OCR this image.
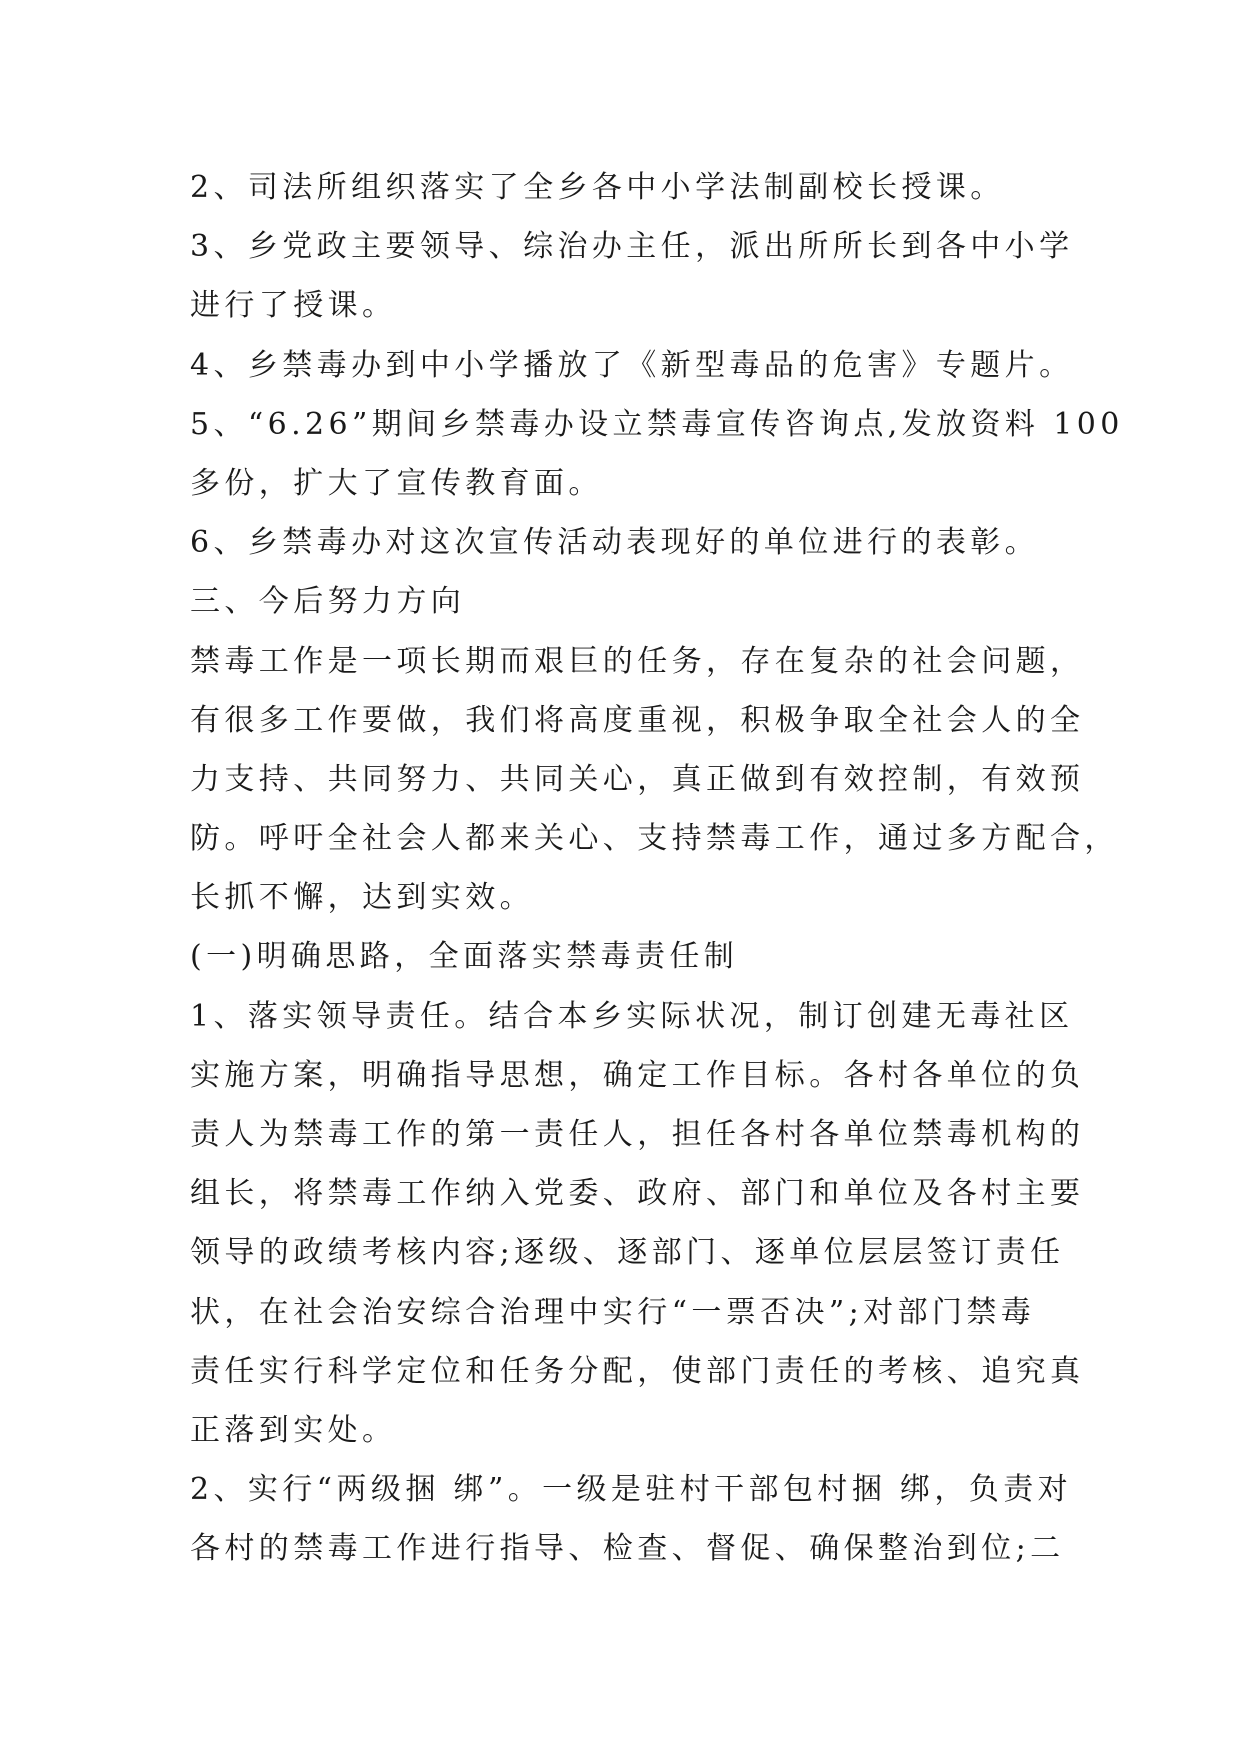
2、司法所组织落实了全乡各中小学法制副校长授课。
3、乡党政主要领导、综治办主任，派出所所长到各中小学
进行了授课。
4、乡禁毒办到中小学播放了《新型毒品的危害》专题片。
5、“6.26”期间乡禁毒办设立禁毒宣传咨询点,发放资料 100
多份，扩大了宣传教育面。
6、乡禁毒办对这次宣传活动表现好的单位进行的表彰。
三、今后努力方向
禁毒工作是一项长期而艰巨的任务，存在复杂的社会问题，
有很多工作要做，我们将高度重视，积极争取全社会人的全
力支持、共同努力、共同关心，真正做到有效控制，有效预
防。呼吁全社会人都来关心、支持禁毒工作，通过多方配合，
长抓不懈，达到实效。
(一)明确思路，全面落实禁毒责任制
1、落实领导责任。结合本乡实际状况，制订创建无毒社区
实施方案，明确指导思想，确定工作目标。各村各单位的负
责人为禁毒工作的第一责任人，担任各村各单位禁毒机构的
组长，将禁毒工作纳入党委、政府、部门和单位及各村主要
领导的政绩考核内容;逐级、逐部门、逐单位层层签订责任
状，在社会治安综合治理中实行“一票否决”;对部门禁毒
责任实行科学定位和任务分配，使部门责任的考核、追究真
正落到实处。
2、实行“两级捆 绑”。一级是驻村干部包村捆 绑，负责对
各村的禁毒工作进行指导、检查、督促、确保整治到位;二
